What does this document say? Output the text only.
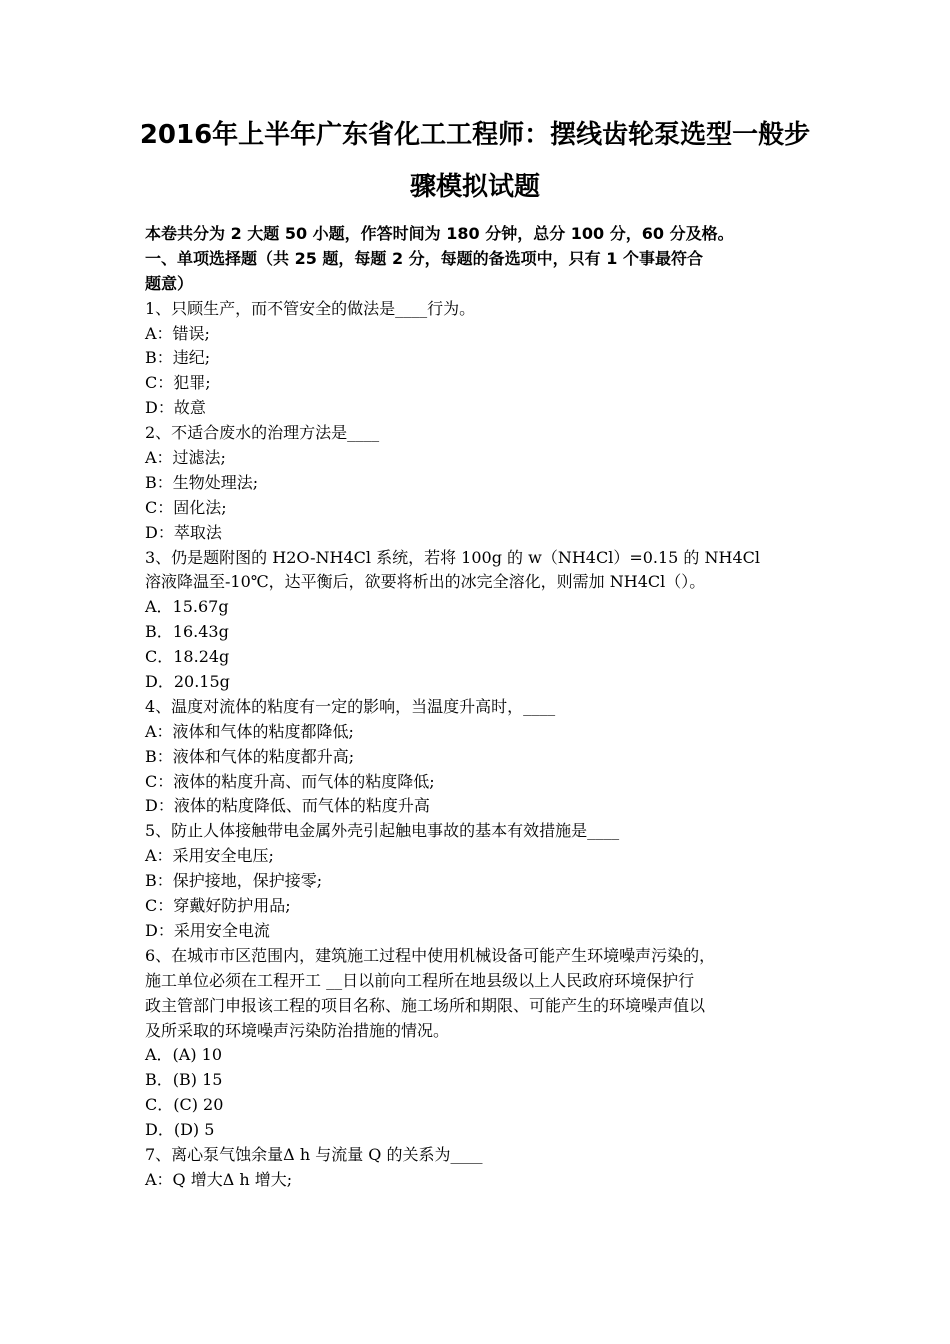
2016年上半年广东省化工工程师：摆线齿轮泵选型一般步
骤模拟试题
本卷共分为 2 大题 50 小题，作答时间为 180 分钟，总分 100 分，60 分及格。
一、单项选择题（共 25 题，每题 2 分，每题的备选项中，只有 1 个事最符合
题意）
1、只顾生产，而不管安全的做法是____行为。
A：错误;
B：违纪;
C：犯罪;
D：故意
2、不适合废水的治理方法是____
A：过滤法;
B：生物处理法;
C：固化法;
D：萃取法
3、仍是题附图的 H2O-NH4Cl 系统，若将 100g 的 w（NH4Cl）=0.15 的 NH4Cl
溶液降温至-10℃，达平衡后，欲要将析出的冰完全溶化，则需加 NH4Cl（）。
A．15.67g
B．16.43g
C．18.24g
D．20.15g
4、温度对流体的粘度有一定的影响，当温度升高时，____
A：液体和气体的粘度都降低;
B：液体和气体的粘度都升高;
C：液体的粘度升高、而气体的粘度降低;
D：液体的粘度降低、而气体的粘度升高
5、防止人体接触带电金属外壳引起触电事故的基本有效措施是____
A：采用安全电压;
B：保护接地，保护接零;
C：穿戴好防护用品;
D：采用安全电流
6、在城市市区范围内，建筑施工过程中使用机械设备可能产生环境噪声污染的，
施工单位必须在工程开工 __日以前向工程所在地县级以上人民政府环境保护行
政主管部门申报该工程的项目名称、施工场所和期限、可能产生的环境噪声值以
及所采取的环境噪声污染防治措施的情况。
A．(A) 10
B．(B) 15
C．(C) 20
D．(D) 5
7、离心泵气蚀余量Δ h 与流量 Q 的关系为____
A：Q 增大Δ h 增大;
